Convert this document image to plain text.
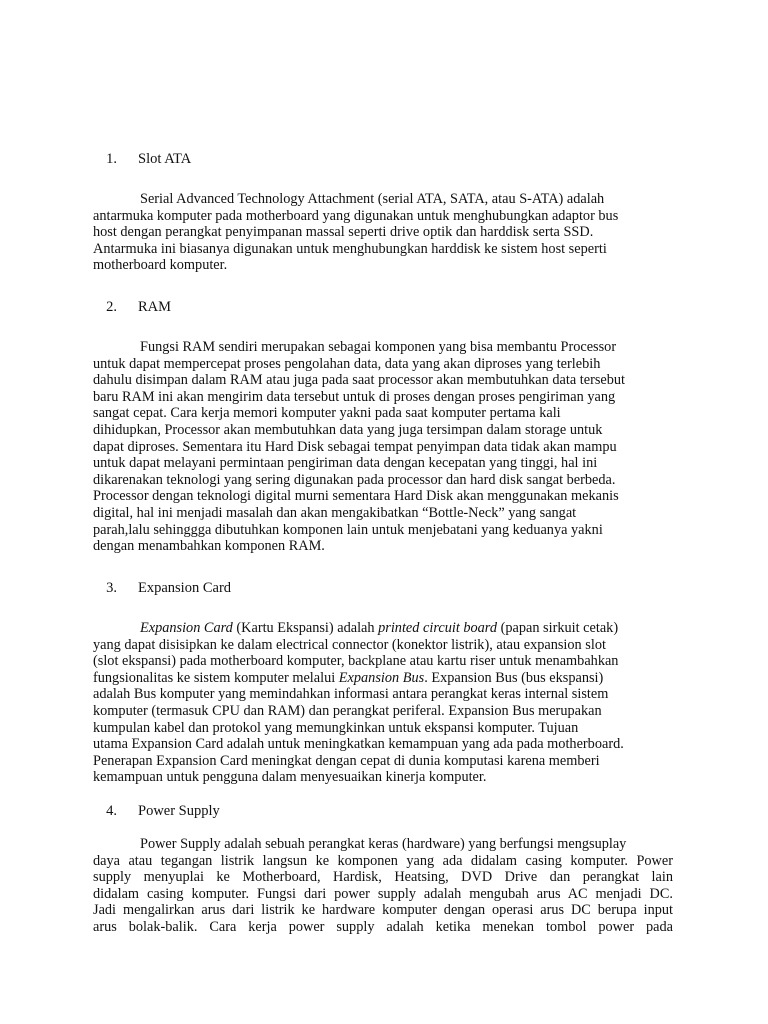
1. Slot ATA

Serial Advanced Technology Attachment (serial ATA, SATA, atau S-ATA) adalah
antarmuka komputer pada motherboard yang digunakan untuk menghubungkan adaptor bus
host dengan perangkat penyimpanan massal seperti drive optik dan harddisk serta SSD.
Antarmuka ini biasanya digunakan untuk menghubungkan harddisk ke sistem host seperti
motherboard komputer.

2. RAM

Fungsi RAM sendiri merupakan sebagai komponen yang bisa membantu Processor
untuk dapat mempercepat proses pengolahan data, data yang akan diproses yang terlebih
dahulu disimpan dalam RAM atau juga pada saat processor akan membutuhkan data tersebut
baru RAM ini akan mengirim data tersebut untuk di proses dengan proses pengiriman yang
sangat cepat. Cara kerja memori komputer yakni pada saat komputer pertama kali
dihidupkan, Processor akan membutuhkan data yang juga tersimpan dalam storage untuk
dapat diproses. Sementara itu Hard Disk sebagai tempat penyimpan data tidak akan mampu
untuk dapat melayani permintaan pengiriman data dengan kecepatan yang tinggi, hal ini
dikarenakan teknologi yang sering digunakan pada processor dan hard disk sangat berbeda.
Processor dengan teknologi digital murni sementara Hard Disk akan menggunakan mekanis
digital, hal ini menjadi masalah dan akan mengakibatkan “Bottle-Neck” yang sangat
parah,lalu sehinggga dibutuhkan komponen lain untuk menjebatani yang keduanya yakni
dengan menambahkan komponen RAM.

3. Expansion Card

Expansion Card (Kartu Ekspansi) adalah printed circuit board (papan sirkuit cetak)
yang dapat disisipkan ke dalam electrical connector (konektor listrik), atau expansion slot
(slot ekspansi) pada motherboard komputer, backplane atau kartu riser untuk menambahkan
fungsionalitas ke sistem komputer melalui Expansion Bus. Expansion Bus (bus ekspansi)
adalah Bus komputer yang memindahkan informasi antara perangkat keras internal sistem
komputer (termasuk CPU dan RAM) dan perangkat periferal. Expansion Bus merupakan
kumpulan kabel dan protokol yang memungkinkan untuk ekspansi komputer. Tujuan
utama Expansion Card adalah untuk meningkatkan kemampuan yang ada pada motherboard.
Penerapan Expansion Card meningkat dengan cepat di dunia komputasi karena memberi
kemampuan untuk pengguna dalam menyesuaikan kinerja komputer.

4. Power Supply

Power Supply adalah sebuah perangkat keras (hardware) yang berfungsi mengsuplay
daya atau tegangan listrik langsun ke komponen yang ada didalam casing komputer. Power
supply menyuplai ke Motherboard, Hardisk, Heatsing, DVD Drive dan perangkat lain
didalam casing komputer. Fungsi dari power supply adalah mengubah arus AC menjadi DC.
Jadi mengalirkan arus dari listrik ke hardware komputer dengan operasi arus DC berupa input
arus bolak-balik. Cara kerja power supply adalah ketika menekan tombol power pada
